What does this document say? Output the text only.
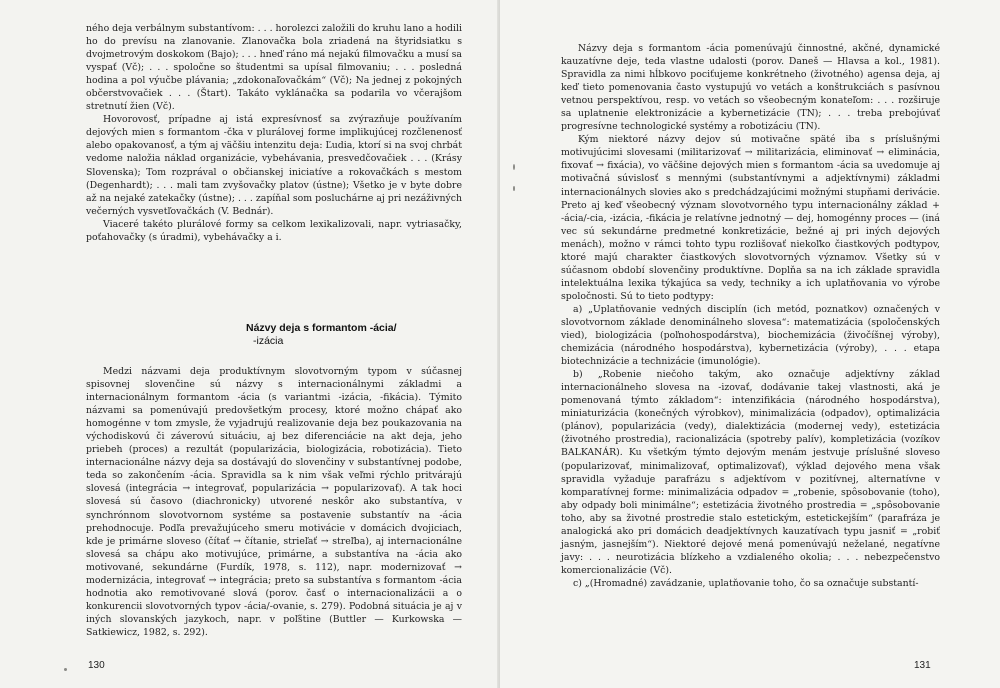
ného deja verbálnym substantívom: . . . horolezci založili do kruhu lano a hodili ho do prevísu na zlanovanie. Zlanovačka bola zriadená na štyridsiatku s dvojmetrovým doskokom (Bajo); . . . hneď ráno má nejakú filmovačku a musí sa vyspať (Vč); . . . spoločne so študentmi sa upísal filmovaniu; . . . posledná hodina a pol výučbe plávania; „zdokonaľovačkám“ (Vč); Na jednej z pokojných občerstvovačiek . . . (Štart). Takáto vyklánačka sa podarila vo včerajšom stretnutí žien (Vč).

Hovorovosť, prípadne aj istá expresívnosť sa zvýrazňuje používaním dejových mien s formantom -čka v plurálovej forme implikujúcej rozčlenenosť alebo opakovanosť, a tým aj väčšiu intenzitu deja: Ľudia, ktorí si na svoj chrbát vedome naložia náklad organizácie, vybehávania, presvedčovačiek . . . (Krásy Slovenska); Tom rozprával o občianskej iniciatíve a rokovačkách s mestom (Degenhardt); . . . mali tam zvyšovačky platov (ústne); Všetko je v byte dobre až na nejaké zatekačky (ústne); . . . zapíňal som posluchárne aj pri nezáživných večerných vysvetľovačkách (V. Bednár).

Viaceré takéto plurálové formy sa celkom lexikalizovali, napr. vytriasačky, poťahovačky (s úradmi), vybehávačky a i.

Názvy deja s formantom -ácia/
-izácia

Medzi názvami deja produktívnym slovotvorným typom v súčasnej spisovnej slovenčine sú názvy s internacionálnymi základmi a internacionálnym formantom -ácia (s variantmi -izácia, -fikácia). Týmito názvami sa pomenúvajú predovšetkým procesy, ktoré možno chápať ako homogénne v tom zmysle, že vyjadrujú realizovanie deja bez poukazovania na východiskovú či záverovú situáciu, aj bez diferenciácie na akt deja, jeho priebeh (proces) a rezultát (popularizácia, biologizácia, robotizácia). Tieto internacionálne názvy deja sa dostávajú do slovenčiny v substantívnej podobe, teda so zakončením -ácia. Spravidla sa k nim však veľmi rýchlo pritvárajú slovesá (integrácia → integrovať, popularizácia → popularizovať). A tak hoci slovesá sú časovo (diachronicky) utvorené neskôr ako substantíva, v synchrónnom slovotvornom systéme sa postavenie substantív na -ácia prehodnocuje. Podľa prevažujúceho smeru motivácie v domácich dvojiciach, kde je primárne sloveso (čítať → čítanie, strieľať → streľba), aj internacionálne slovesá sa chápu ako motivujúce, primárne, a substantíva na -ácia ako motivované, sekundárne (Furdík, 1978, s. 112), napr. modernizovať → modernizácia, integrovať → integrácia; preto sa substantíva s formantom -ácia hodnotia ako remotivované slová (porov. časť o internacionalizácii a o konkurencii slovotvorných typov -ácia/-ovanie, s. 279). Podobná situácia je aj v iných slovanských jazykoch, napr. v poľštine (Buttler — Kurkowska — Satkiewicz, 1982, s. 292).

130

Názvy deja s formantom -ácia pomenúvajú činnostné, akčné, dynamické kauzatívne deje, teda vlastne udalosti (porov. Daneš — Hlavsa a kol., 1981). Spravidla za nimi hĺbkovo pociťujeme konkrétneho (životného) agensa deja, aj keď tieto pomenovania často vystupujú vo vetách a konštrukciách s pasívnou vetnou perspektívou, resp. vo vetách so všeobecným konateľom: . . . rozširuje sa uplatnenie elektronizácie a kybernetizácie (TN); . . . treba prebojúvať progresívne technologické systémy a robotizáciu (TN).

Kým niektoré názvy dejov sú motivačne späté iba s príslušnými motivujúcimi slovesami (militarizovať → militarizácia, eliminovať → eliminácia, fixovať → fixácia), vo väčšine dejových mien s formantom -ácia sa uvedomuje aj motivačná súvislosť s mennými (substantívnymi a adjektívnymi) základmi internacionálnych slovies ako s predchádzajúcimi možnými stupňami derivácie. Preto aj keď všeobecný význam slovotvorného typu internacionálny základ + -ácia/-cia, -izácia, -fikácia je relatívne jednotný — dej, homogénny proces — (iná vec sú sekundárne predmetné konkretizácie, bežné aj pri iných dejových menách), možno v rámci tohto typu rozlišovať niekoľko čiastkových podtypov, ktoré majú charakter čiastkových slovotvorných významov. Všetky sú v súčasnom období slovenčiny produktívne. Doplňa sa na ich základe spravidla intelektuálna lexika týkajúca sa vedy, techniky a ich uplatňovania vo výrobe spoločnosti. Sú to tieto podtypy:

a) „Uplatňovanie vedných disciplín (ich metód, poznatkov) označených v slovotvornom základe denominálneho slovesa“: matematizácia (spoločenských vied), biologizácia (poľnohospodárstva), biochemizácia (živočíšnej výroby), chemizácia (národného hospodárstva), kybernetizácia (výroby), . . . etapa biotechnizácie a technizácie (imunológie).

b) „Robenie niečoho takým, ako označuje adjektívny základ internacionálneho slovesa na -izovať, dodávanie takej vlastnosti, aká je pomenovaná týmto základom“: intenzifikácia (národného hospodárstva), miniaturizácia (konečných výrobkov), minimalizácia (odpadov), optimalizácia (plánov), popularizácia (vedy), dialektizácia (modernej vedy), estetizácia (životného prostredia), racionalizácia (spotreby palív), kompletizácia (vozíkov BALKANÁR). Ku všetkým týmto dejovým menám jestvuje príslušné sloveso (popularizovať, minimalizovať, optimalizovať), výklad dejového mena však spravidla vyžaduje parafrázu s adjektívom v pozitívnej, alternatívne v komparatívnej forme: minimalizácia odpadov = „robenie, spôsobovanie (toho), aby odpady boli minimálne“; estetizácia životného prostredia = „spôsobovanie toho, aby sa životné prostredie stalo estetickým, estetickejším“ (parafráza je analogická ako pri domácich deadjektívnych kauzatívach typu jasniť = „robiť jasným, jasnejším“). Niektoré dejové mená pomenúvajú neželané, negatívne javy: . . . neurotizácia blízkeho a vzdialeného okolia; . . . nebezpečenstvo komercionalizácie (Vč).

c) „(Hromadné) zavádzanie, uplatňovanie toho, čo sa označuje substantí-

131
